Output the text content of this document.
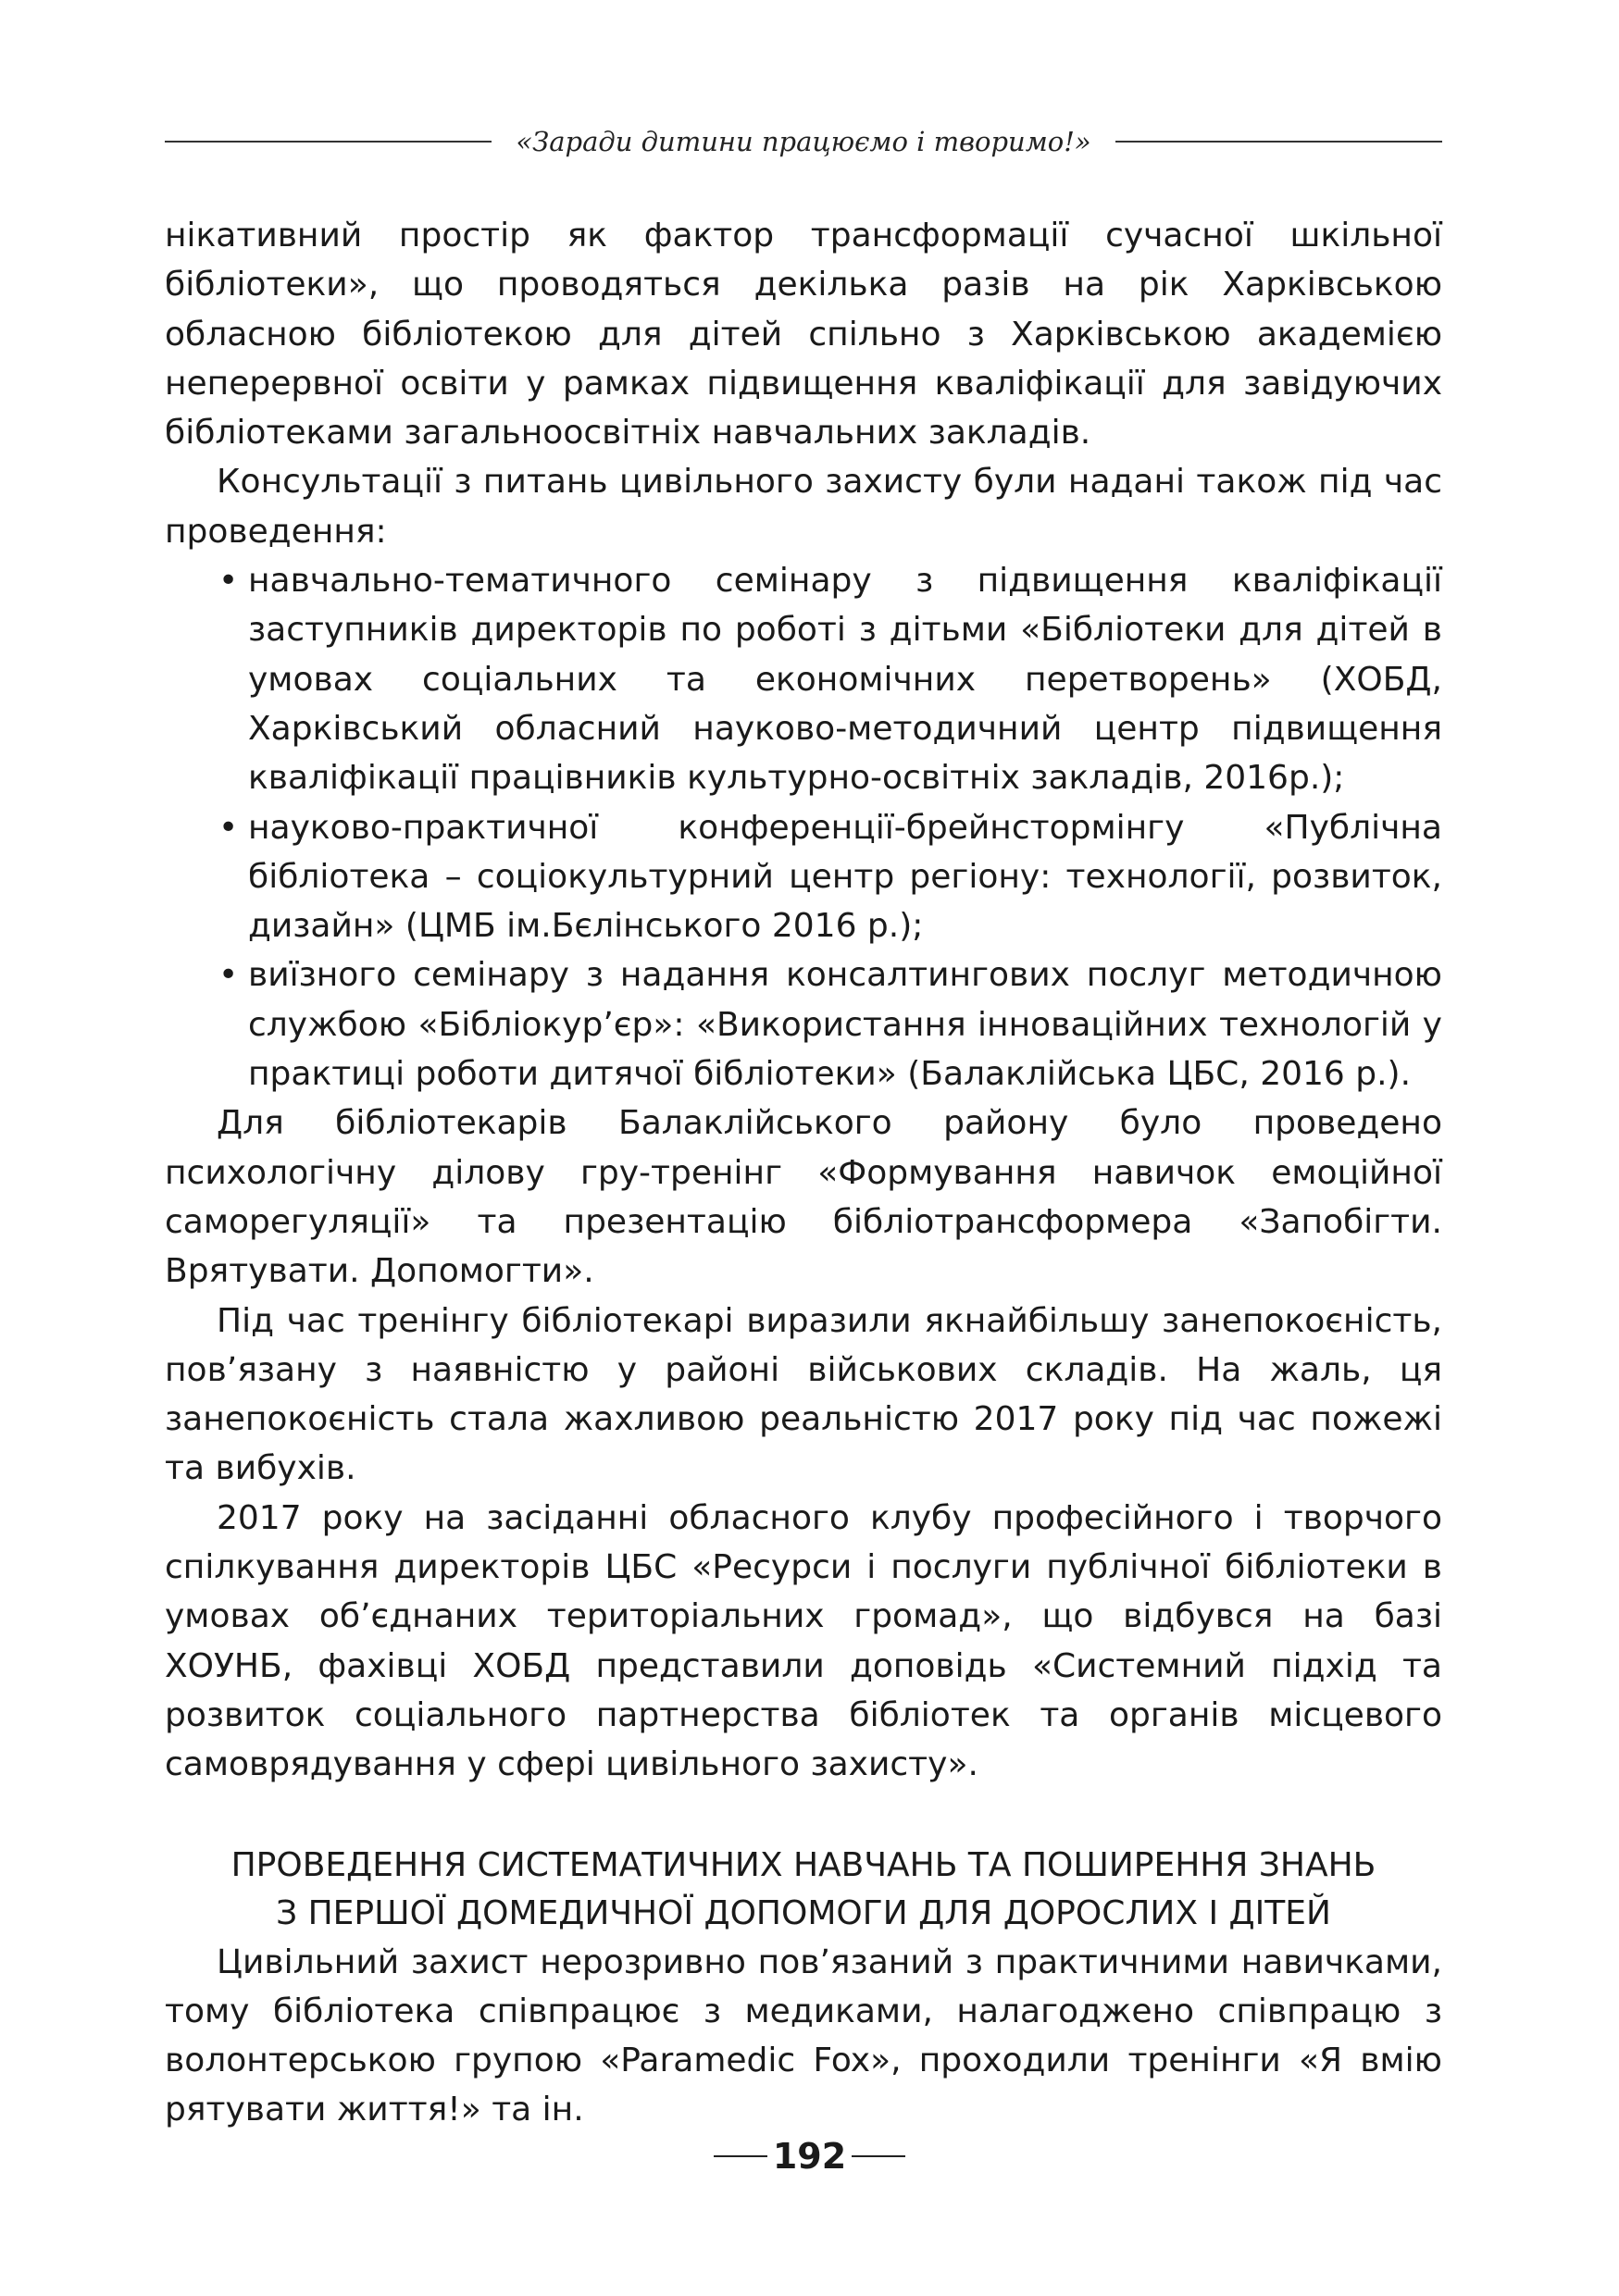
«Заради дитини працюємо і творимо!»

нікативний простір як фактор трансформації сучасної шкільної бібліотеки», що проводяться декілька разів на рік Харківською обласною бібліотекою для дітей спільно з Харківською академією неперервної освіти у рамках підвищення кваліфікації для завідуючих бібліотеками загальноосвітніх навчальних закладів.

Консультації з питань цивільного захисту були надані також під час проведення:

• навчально-тематичного семінару з підвищення кваліфікації заступників директорів по роботі з дітьми «Бібліотеки для дітей в умовах соціальних та економічних перетворень» (ХОБД, Харківський обласний науково-методичний центр підвищення кваліфікації працівників культурно-освітніх закладів, 2016р.);
• науково-практичної конференції-брейнстормінгу «Публічна бібліотека – соціокультурний центр регіону: технології, розвиток, дизайн» (ЦМБ ім.Бєлінського 2016 р.);
• виїзного семінару з надання консалтингових послуг методичною службою «Бібліокур’єр»: «Використання інноваційних технологій у практиці роботи дитячої бібліотеки» (Балаклійська ЦБС, 2016 р.).

Для бібліотекарів Балаклійського району було проведено психологічну ділову гру-тренінг «Формування навичок емоційної саморегуляції» та презентацію бібліотрансформера «Запобігти. Врятувати. Допомогти».

Під час тренінгу бібліотекарі виразили якнайбільшу занепокоєність, пов’язану з наявністю у районі військових складів. На жаль, ця занепокоєність стала жахливою реальністю 2017 року під час пожежі та вибухів.

2017 року на засіданні обласного клубу професійного і творчого спілкування директорів ЦБС «Ресурси і послуги публічної бібліотеки в умовах об’єднаних територіальних громад», що відбувся на базі ХОУНБ, фахівці ХОБД представили доповідь «Системний підхід та розвиток соціального партнерства бібліотек та органів місцевого самоврядування у сфері цивільного захисту».

ПРОВЕДЕННЯ СИСТЕМАТИЧНИХ НАВЧАНЬ ТА ПОШИРЕННЯ ЗНАНЬ
З ПЕРШОЇ ДОМЕДИЧНОЇ ДОПОМОГИ ДЛЯ ДОРОСЛИХ І ДІТЕЙ

Цивільний захист нерозривно пов’язаний з практичними навичками, тому бібліотека співпрацює з медиками, налагоджено співпрацю з волонтерською групою «Paramedic Fox», проходили тренінги «Я вмію рятувати життя!» та ін.

192
